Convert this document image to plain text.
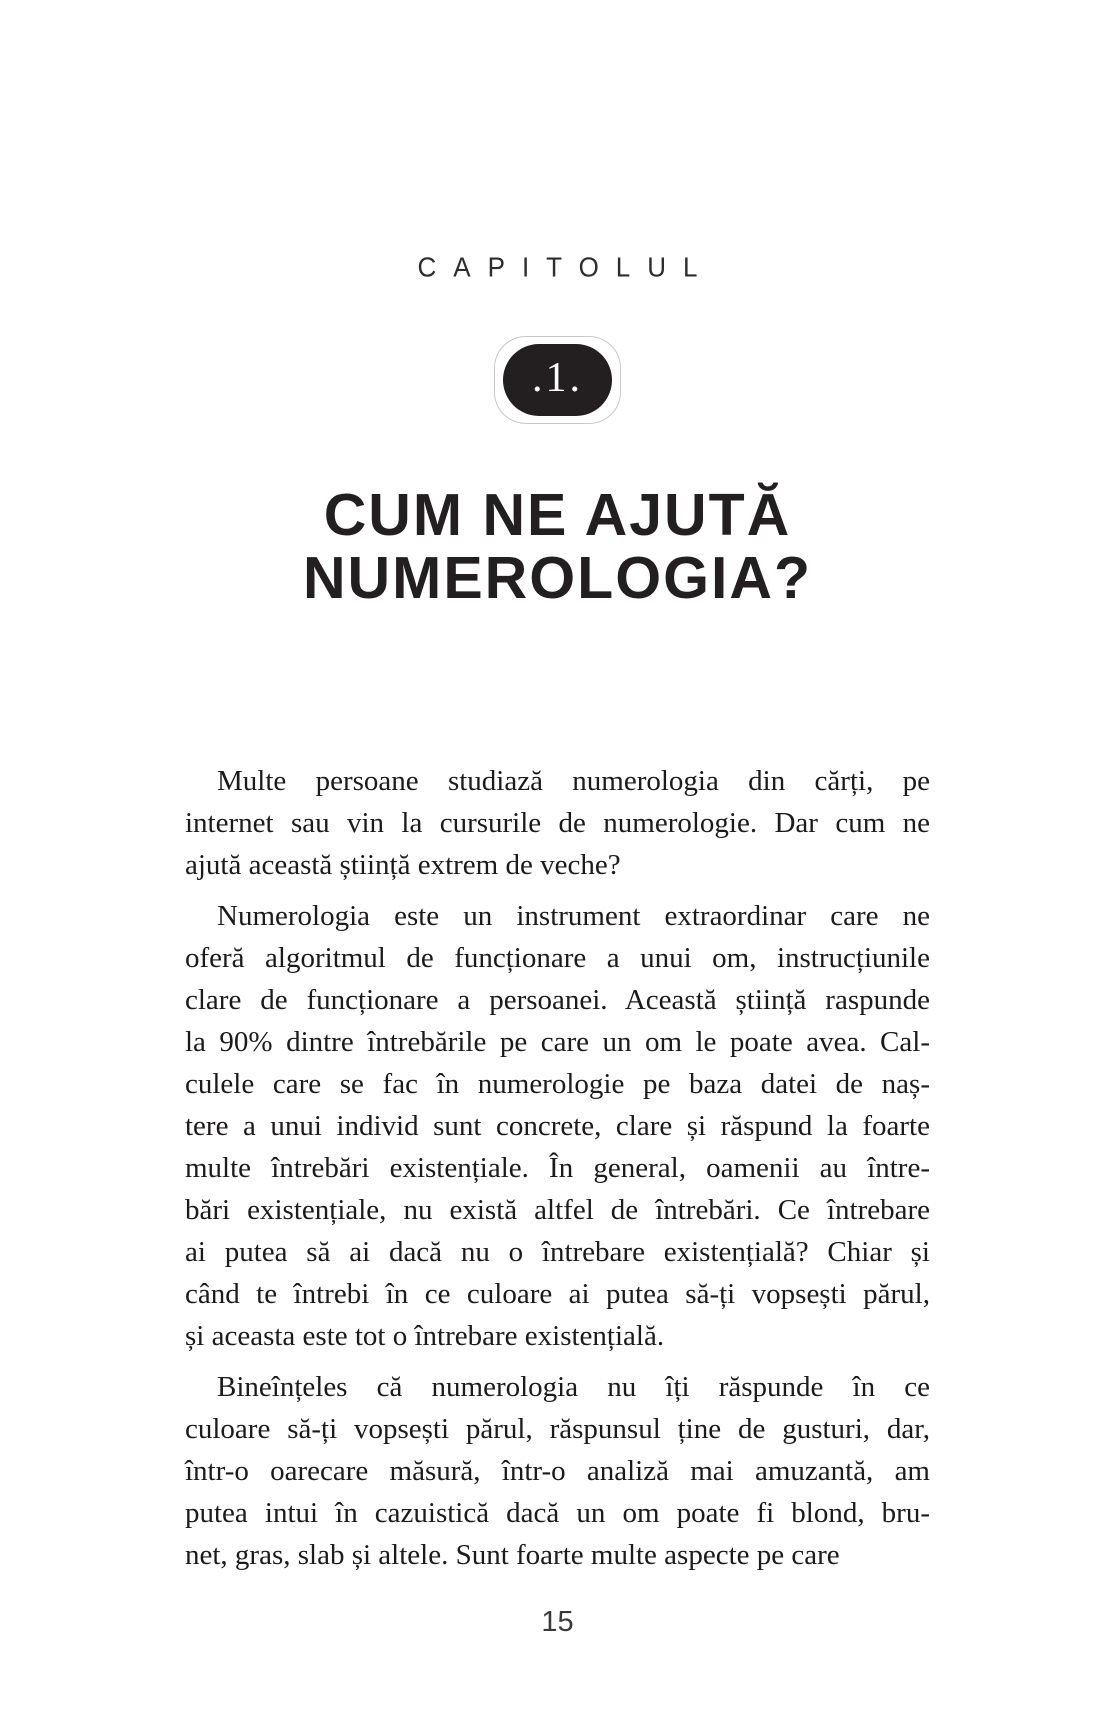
CAPITOLUL
.1.
CUM NE AJUTĂ
NUMEROLOGIA?
Multe persoane studiază numerologia din cărți, pe
internet sau vin la cursurile de numerologie. Dar cum ne
ajută această știință extrem de veche?
Numerologia este un instrument extraordinar care ne
oferă algoritmul de funcționare a unui om, instrucțiunile
clare de funcționare a persoanei. Această știință raspunde
la 90% dintre întrebările pe care un om le poate avea. Cal-
culele care se fac în numerologie pe baza datei de naș-
tere a unui individ sunt concrete, clare și răspund la foarte
multe întrebări existențiale. În general, oamenii au între-
bări existențiale, nu există altfel de întrebări. Ce întrebare
ai putea să ai dacă nu o întrebare existențială? Chiar și
când te întrebi în ce culoare ai putea să-ți vopsești părul,
și aceasta este tot o întrebare existențială.
Bineînțeles că numerologia nu îți răspunde în ce
culoare să-ți vopsești părul, răspunsul ține de gusturi, dar,
într-o oarecare măsură, într-o analiză mai amuzantă, am
putea intui în cazuistică dacă un om poate fi blond, bru-
net, gras, slab și altele. Sunt foarte multe aspecte pe care
15
